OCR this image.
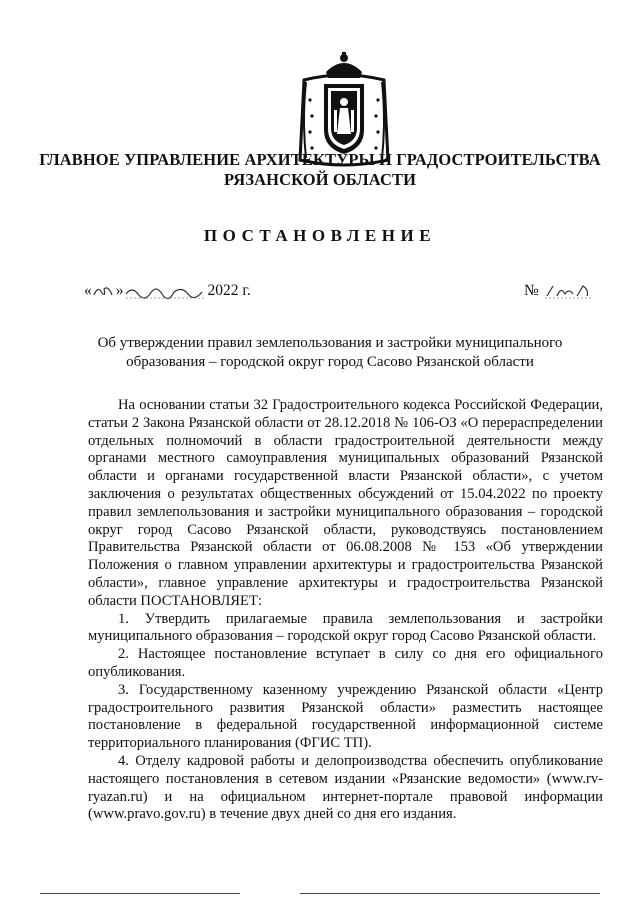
ГЛАВНОЕ УПРАВЛЕНИЕ АРХИТЕКТУРЫ И ГРАДОСТРОИТЕЛЬСТВА
РЯЗАНСКОЙ ОБЛАСТИ
ПОСТАНОВЛЕНИЕ
« »	2022 г.	№
Об утверждении правил землепользования и застройки муниципального
образования – городской округ город Сасово Рязанской области

На основании статьи 32 Градостроительного кодекса Российской Федерации, статьи 2 Закона Рязанской области от 28.12.2018 № 106-ОЗ «О перераспределении отдельных полномочий в области градостроительной деятельности между органами местного самоуправления муниципальных образований Рязанской области и органами государственной власти Рязанской области», с учетом заключения о результатах общественных обсуждений от 15.04.2022 по проекту правил землепользования и застройки муниципального образования – городской округ город Сасово Рязанской области, руководствуясь постановлением Правительства Рязанской области от 06.08.2008 № 153 «Об утверждении Положения о главном управлении архитектуры и градостроительства Рязанской области», главное управление архитектуры и градостроительства Рязанской области ПОСТАНОВЛЯЕТ:

1. Утвердить прилагаемые правила землепользования и застройки муниципального образования – городской округ город Сасово Рязанской области.

2. Настоящее постановление вступает в силу со дня его официального опубликования.

3. Государственному казенному учреждению Рязанской области «Центр градостроительного развития Рязанской области» разместить настоящее постановление в федеральной государственной информационной системе территориального планирования (ФГИС ТП).

4. Отделу кадровой работы и делопроизводства обеспечить опубликование настоящего постановления в сетевом издании «Рязанские ведомости» (www.rv-ryazan.ru) и на официальном интернет-портале правовой информации (www.pravo.gov.ru) в течение двух дней со дня его издания.
